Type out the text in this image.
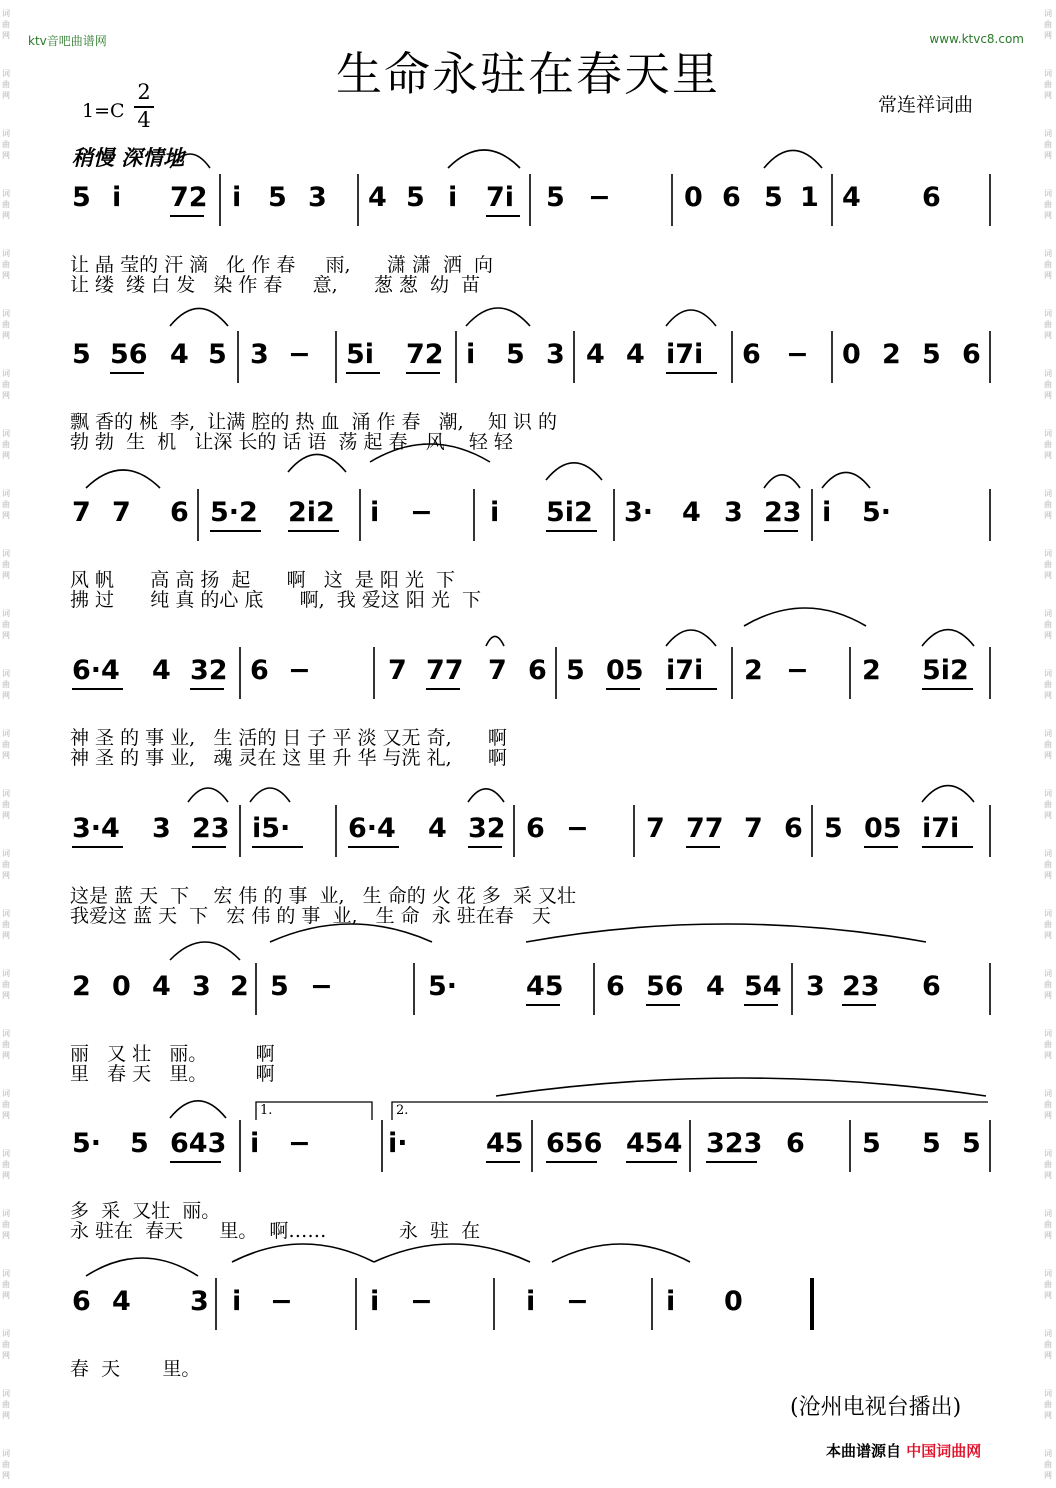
词
曲
网
词
曲
网
词
曲
网
词
曲
网
词
曲
网
词
曲
网
词
曲
网
词
曲
网
词
曲
网
词
曲
网
词
曲
网
词
曲
网
词
曲
网
词
曲
网
词
曲
网
词
曲
网
词
曲
网
词
曲
网
词
曲
网
词
曲
网
词
曲
网
词
曲
网
词
曲
网
词
曲
网
词
曲
网
词
曲
网
词
曲
网
词
曲
网
词
曲
网
词
曲
网
词
曲
网
词
曲
网
词
曲
网
词
曲
网
词
曲
网
词
曲
网
词
曲
网
词
曲
网
词
曲
网
词
曲
网
词
曲
网
词
曲
网
词
曲
网
词
曲
网
词
曲
网
词
曲
网
词
曲
网
词
曲
网
词
曲
网
词
曲
网
ktv音吧曲谱网	www.ktvc8.com
生命永驻在春天里
1=C
2
4
常连祥词曲
稍慢 深情地
5 i 72 i 5 3 4 5 i 7i 5 −	0 6 5 1 4 6
让 晶 莹的 汗 滴   化 作 春     雨,      潇 潇  洒  向
让 缕  缕 白 发   染 作 春     意,      葱 葱  幼  苗
5 56 4 5 3 − 5i 72 i 5 3 4 4 i7i 6 − 0 2 5 6
飘 香的 桃  李,  让满 腔的 热 血  涌 作 春   潮,    知 识 的
勃 勃  生  机   让深 长的 话 语  荡 起 春   风    轻 轻
7 7 6 5·2 2i2 i − i 5i2 3· 4 3 23 i 5·
风 帆      高 高 扬  起      啊   这  是 阳 光  下
拂 过      纯 真 的心 底      啊,  我 爱这 阳 光  下
6·4 4 32 6 −	7 77 7 6 5 05 i7i 2 − 2 5i2
神 圣 的 事 业,   生 活的 日 子 平 淡 又无 奇,      啊
神 圣 的 事 业,   魂 灵在 这 里 升 华 与洗 礼,      啊
3·4 3 23 i5· 6·4 4 32 6 − 7 77 7 6 5 05 i7i
这是 蓝 天  下    宏 伟 的 事  业,   生 命的 火 花 多  采 又壮
我爱这 蓝 天  下   宏 伟 的 事  业,   生 命  永 驻在春   天
2 0 4 3 2 5 −	5·	45 6 56 4 54 3 23 6
丽   又 壮   丽。        啊
里   春 天   里。        啊
5· 5 643 i −	i·	45 656 454 323 6 5 5 5
多  采  又壮  丽。
永 驻在  春天      里。  啊……            永  驻  在
6 4 3 i −	i −	i −	i 0
春  天       里。
1.	2.
(沧州电视台播出)
本曲谱源自 中国词曲网
